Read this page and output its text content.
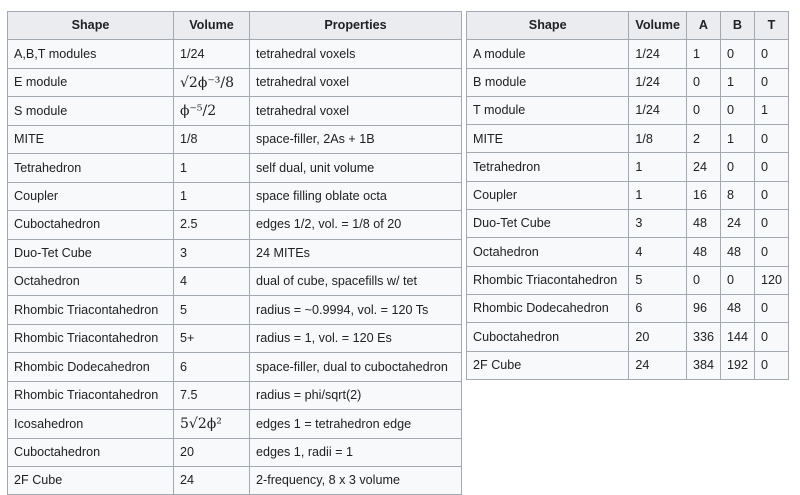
Shape	Volume	Properties
A,B,T modules	1/24	tetrahedral voxels
E module	√2ϕ⁻³/8	tetrahedral voxel
S module	ϕ⁻⁵/2	tetrahedral voxel
MITE	1/8	space-filler, 2As + 1B
Tetrahedron	1	self dual, unit volume
Coupler	1	space filling oblate octa
Cuboctahedron	2.5	edges 1/2, vol. = 1/8 of 20
Duo-Tet Cube	3	24 MITEs
Octahedron	4	dual of cube, spacefills w/ tet
Rhombic Triacontahedron	5	radius = ~0.9994, vol. = 120 Ts
Rhombic Triacontahedron	5+	radius = 1, vol. = 120 Es
Rhombic Dodecahedron	6	space-filler, dual to cuboctahedron
Rhombic Triacontahedron	7.5	radius = phi/sqrt(2)
Icosahedron	5√2ϕ²	edges 1 = tetrahedron edge
Cuboctahedron	20	edges 1, radii = 1
2F Cube	24	2-frequency, 8 x 3 volume
Shape	Volume	A	B	T
A module	1/24	1	0	0
B module	1/24	0	1	0
T module	1/24	0	0	1
MITE	1/8	2	1	0
Tetrahedron	1	24	0	0
Coupler	1	16	8	0
Duo-Tet Cube	3	48	24	0
Octahedron	4	48	48	0
Rhombic Triacontahedron	5	0	0	120
Rhombic Dodecahedron	6	96	48	0
Cuboctahedron	20	336	144	0
2F Cube	24	384	192	0
